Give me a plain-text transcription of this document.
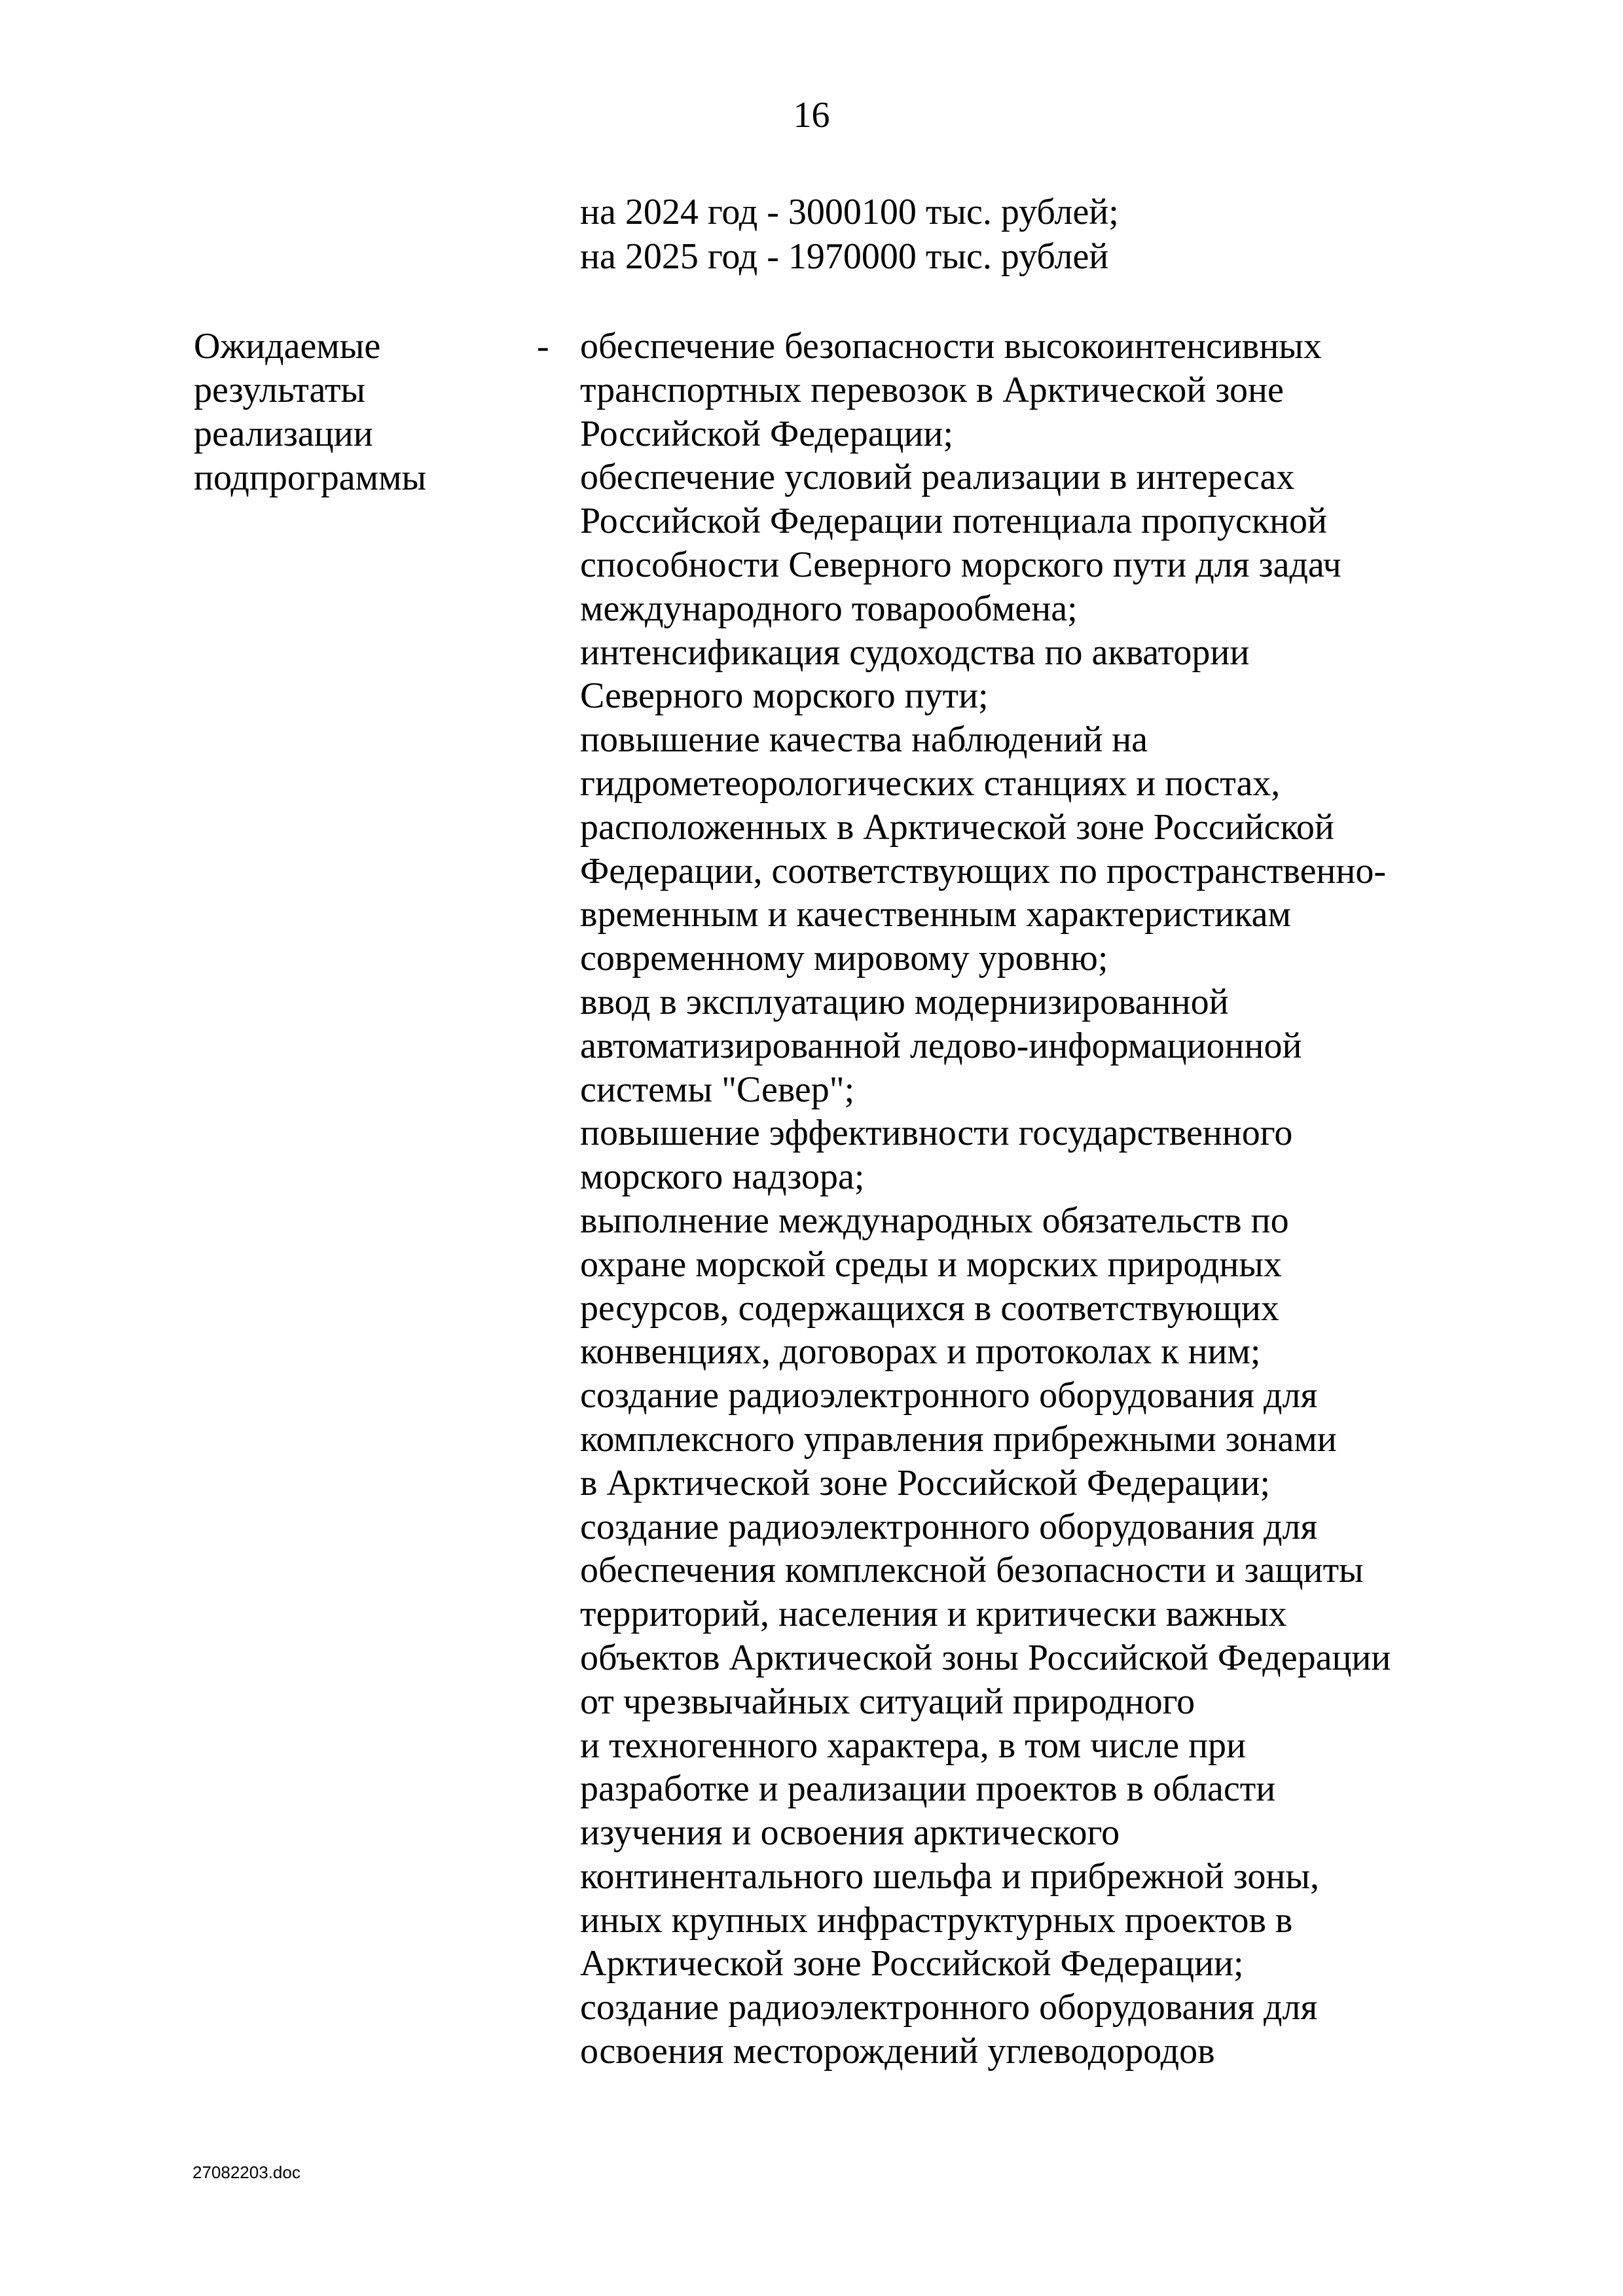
16
на 2024 год - 3000100 тыс. рублей;
на 2025 год - 1970000 тыс. рублей
Ожидаемые
результаты
реализации
подпрограммы
- обеспечение безопасности высокоинтенсивных
транспортных перевозок в Арктической зоне
Российской Федерации;
обеспечение условий реализации в интересах
Российской Федерации потенциала пропускной
способности Северного морского пути для задач
международного товарообмена;
интенсификация судоходства по акватории
Северного морского пути;
повышение качества наблюдений на
гидрометеорологических станциях и постах,
расположенных в Арктической зоне Российской
Федерации, соответствующих по пространственно-
временным и качественным характеристикам
современному мировому уровню;
ввод в эксплуатацию модернизированной
автоматизированной ледово-информационной
системы "Север";
повышение эффективности государственного
морского надзора;
выполнение международных обязательств по
охране морской среды и морских природных
ресурсов, содержащихся в соответствующих
конвенциях, договорах и протоколах к ним;
создание радиоэлектронного оборудования для
комплексного управления прибрежными зонами
в Арктической зоне Российской Федерации;
создание радиоэлектронного оборудования для
обеспечения комплексной безопасности и защиты
территорий, населения и критически важных
объектов Арктической зоны Российской Федерации
от чрезвычайных ситуаций природного
и техногенного характера, в том числе при
разработке и реализации проектов в области
изучения и освоения арктического
континентального шельфа и прибрежной зоны,
иных крупных инфраструктурных проектов в
Арктической зоне Российской Федерации;
создание радиоэлектронного оборудования для
освоения месторождений углеводородов
27082203.doc
